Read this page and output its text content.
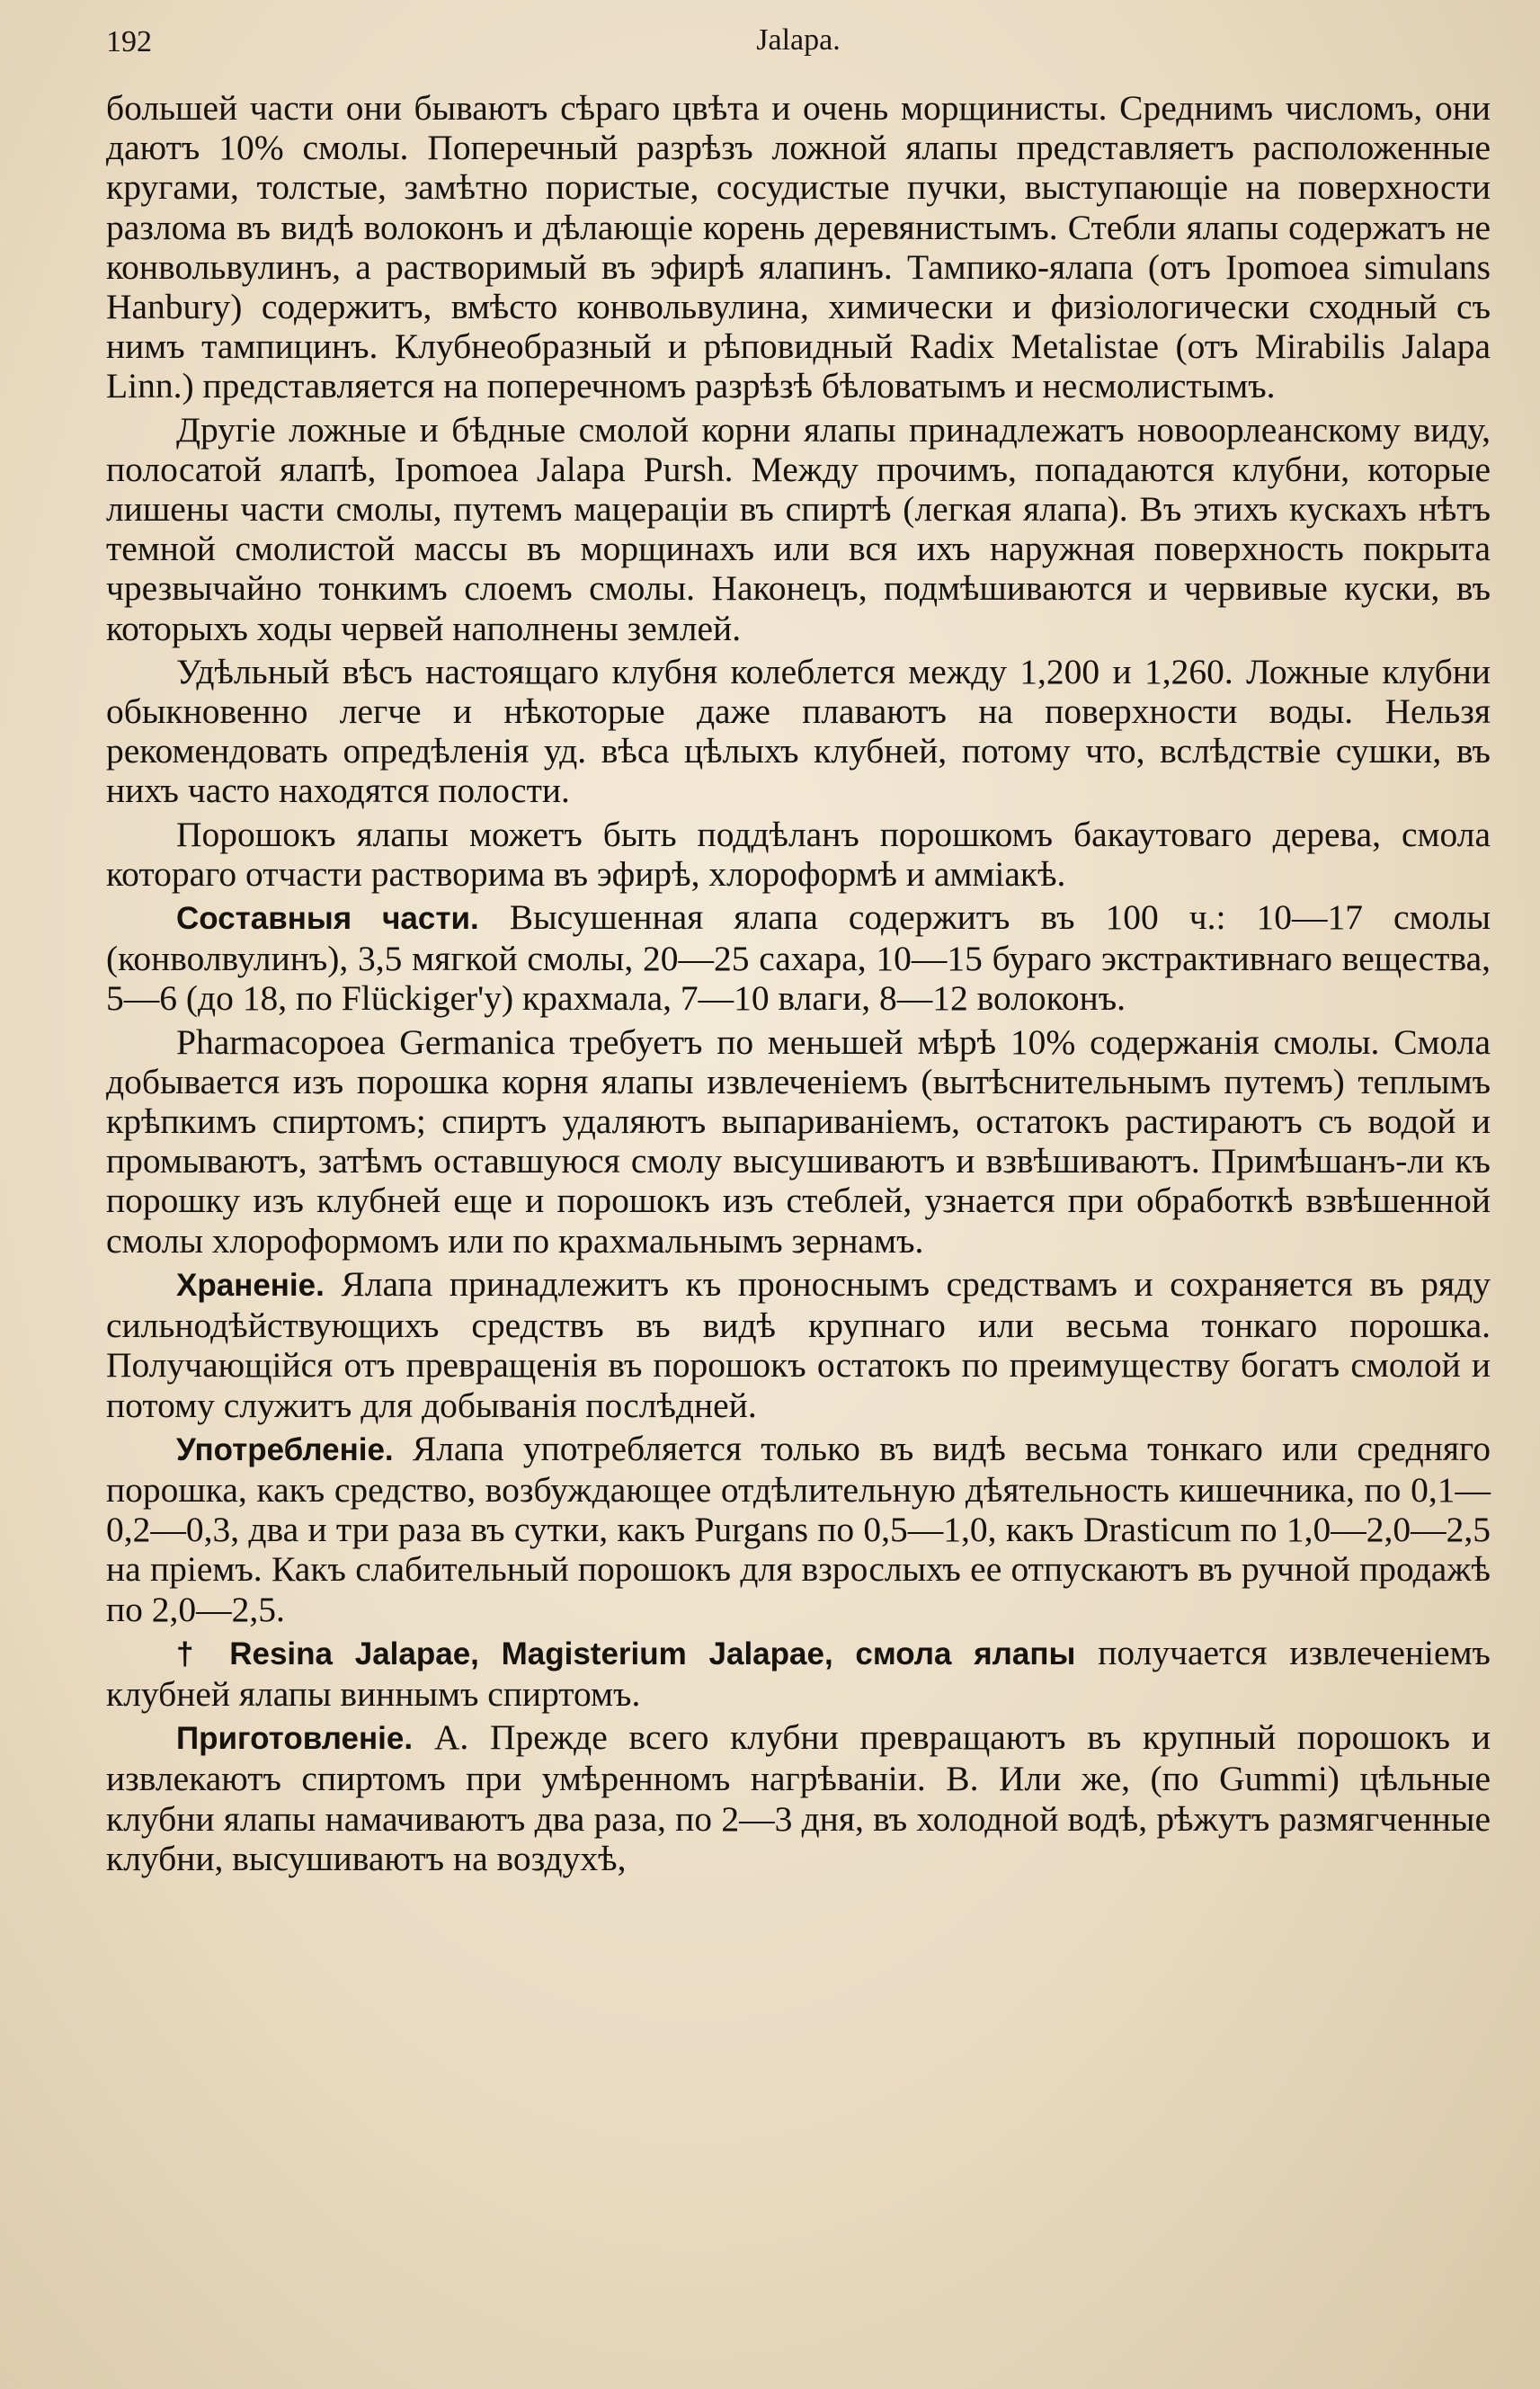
192	Jalapa.

большей части они бываютъ сѣраго цвѣта и очень морщинисты. Среднимъ числомъ, они даютъ 10% смолы. Поперечный разрѣзъ ложной ялапы представляетъ расположенные кругами, толстые, замѣтно пористые, сосудистые пучки, выступающіе на поверхности разлома въ видѣ волоконъ и дѣлающіе корень деревянистымъ. Стебли ялапы содержатъ не конвольвулинъ, а растворимый въ эфирѣ ялапинъ. Тампико-ялапа (отъ Ipomoea simulans Hanbury) содержитъ, вмѣсто конвольвулина, химически и физіологически сходный съ нимъ тампицинъ. Клубнеобразный и рѣповидный Radix Metalistae (отъ Mirabilis Jalapa Linn.) представляется на поперечномъ разрѣзѣ бѣловатымъ и несмолистымъ.

Другіе ложные и бѣдные смолой корни ялапы принадлежатъ новоорлеанскому виду, полосатой ялапѣ, Ipomoea Jalapa Pursh. Между прочимъ, попадаются клубни, которые лишены части смолы, путемъ мацераціи въ спиртѣ (легкая ялапа). Въ этихъ кускахъ нѣтъ темной смолистой массы въ морщинахъ или вся ихъ наружная поверхность покрыта чрезвычайно тонкимъ слоемъ смолы. Наконецъ, подмѣшиваются и червивые куски, въ которыхъ ходы червей наполнены землей.

Удѣльный вѣсъ настоящаго клубня колеблется между 1,200 и 1,260. Ложные клубни обыкновенно легче и нѣкоторые даже плаваютъ на поверхности воды. Нельзя рекомендовать опредѣленія уд. вѣса цѣлыхъ клубней, потому что, вслѣдствіе сушки, въ нихъ часто находятся полости.

Порошокъ ялапы можетъ быть поддѣланъ порошкомъ бакаутоваго дерева, смола котораго отчасти растворима въ эфирѣ, хлороформѣ и аммiакѣ.

Составныя части. Высушенная ялапа содержитъ въ 100 ч.: 10—17 смолы (конволвулинъ), 3,5 мягкой смолы, 20—25 сахара, 10—15 бураго экстрактивнаго вещества, 5—6 (до 18, по Flückiger'у) крахмала, 7—10 влаги, 8—12 волоконъ.

Pharmacopoea Germanica требуетъ по меньшей мѣрѣ 10% содержанія смолы. Смола добывается изъ порошка корня ялапы извлеченіемъ (вытѣснительнымъ путемъ) теплымъ крѣпкимъ спиртомъ; спиртъ удаляютъ выпариваніемъ, остатокъ растираютъ съ водой и промываютъ, затѣмъ оставшуюся смолу высушиваютъ и взвѣшиваютъ. Примѣшанъ-ли къ порошку изъ клубней еще и порошокъ изъ стеблей, узнается при обработкѣ взвѣшенной смолы хлороформомъ или по крахмальнымъ зернамъ.

Храненіе. Ялапа принадлежитъ къ проноснымъ средствамъ и сохраняется въ ряду сильнодѣйствующихъ средствъ въ видѣ крупнаго или весьма тонкаго порошка. Получающійся отъ превращенія въ порошокъ остатокъ по преимуществу богатъ смолой и потому служитъ для добыванія послѣдней.

Употребленіе. Ялапа употребляется только въ видѣ весьма тонкаго или средняго порошка, какъ средство, возбуждающее отдѣлительную дѣятельность кишечника, по 0,1—0,2—0,3, два и три раза въ сутки, какъ Purgans по 0,5—1,0, какъ Drasticum по 1,0—2,0—2,5 на пріемъ. Какъ слабительный порошокъ для взрослыхъ ее отпускаютъ въ ручной продажѣ по 2,0—2,5.

† Resina Jalapae, Magisterium Jalapae, смола ялапы получается извлеченіемъ клубней ялапы виннымъ спиртомъ.

Приготовленіе. A. Прежде всего клубни превращаютъ въ крупный порошокъ и извлекаютъ спиртомъ при умѣренномъ нагрѣваніи. B. Или же, (по Gummi) цѣльные клубни ялапы намачиваютъ два раза, по 2—3 дня, въ холодной водѣ, рѣжутъ размягченные клубни, высушиваютъ на воздухѣ,
